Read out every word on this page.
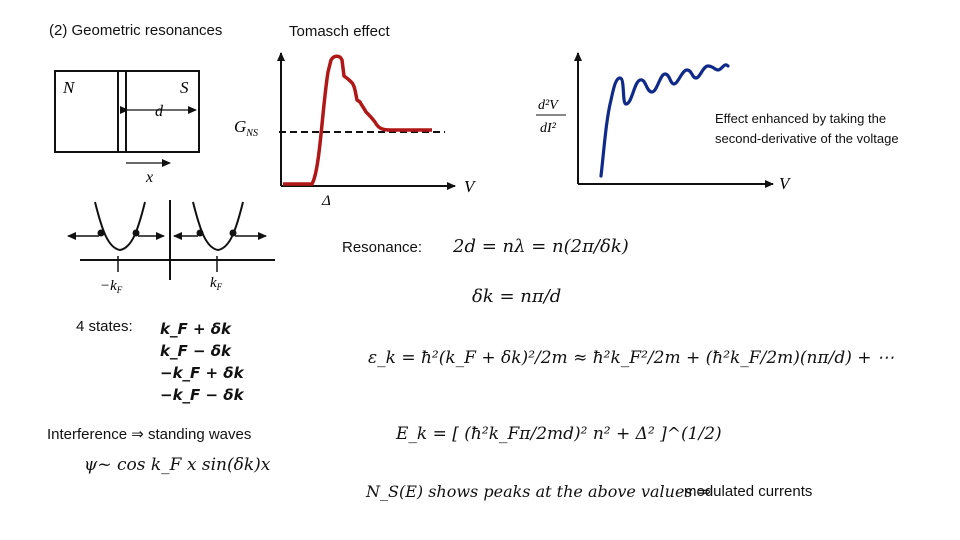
(2) Geometric resonances	Tomasch effect
N	S
d
x
$G_{NS}$
V
Δ
d²V
dI²
V
$-k_F$	$k_F$
Effect enhanced by taking the
second-derivative of the voltage
4 states: k_F + δk
k_F − δk
−k_F + δk
−k_F − δk
Interference ⇒ standing waves
ψ~ cos k_F x sin(δk)x
Resonance: 2d = nλ = n(2π/δk)
δk = nπ/d
ε_k = ħ²(k_F + δk)²/2m ≈ ħ²k_F²/2m + (ħ²k_F/2m)(nπ/d) + ⋯
E_k = [ (ħ²k_Fπ/2md)² n² + Δ² ]^(1/2)
N_S(E) shows peaks at the above values ⇒
modulated currents
